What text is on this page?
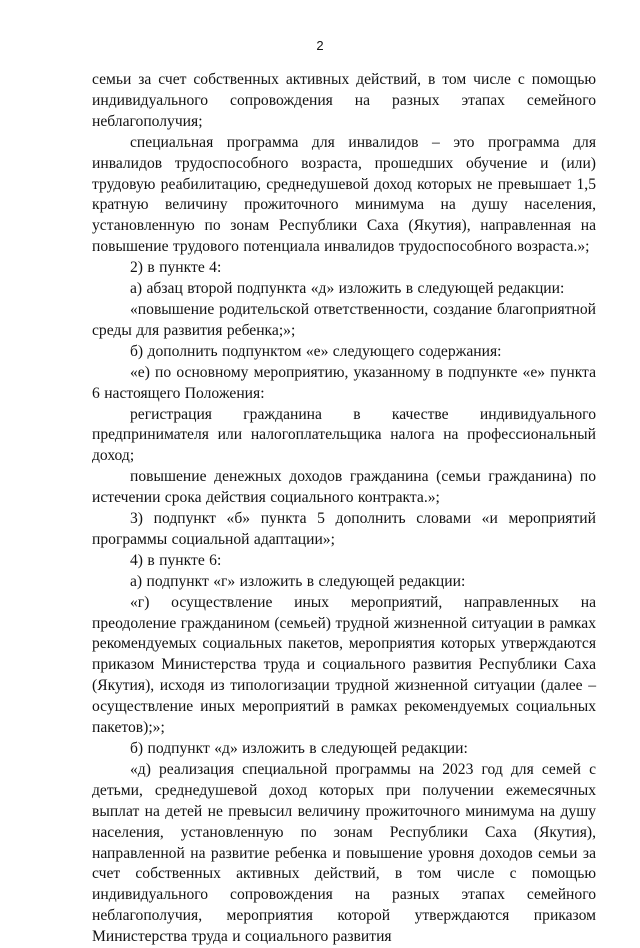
2

семьи за счет собственных активных действий, в том числе с помощью индивидуального сопровождения на разных этапах семейного неблагополучия;

специальная программа для инвалидов – это программа для инвалидов трудоспособного возраста, прошедших обучение и (или) трудовую реабилитацию, среднедушевой доход которых не превышает 1,5 кратную величину прожиточного минимума на душу населения, установленную по зонам Республики Саха (Якутия), направленная на повышение трудового потенциала инвалидов трудоспособного возраста.»;

2) в пункте 4:

а) абзац второй подпункта «д» изложить в следующей редакции:

«повышение родительской ответственности, создание благоприятной среды для развития ребенка;»;

б) дополнить подпунктом «е» следующего содержания:

«е) по основному мероприятию, указанному в подпункте «е» пункта 6 настоящего Положения:

регистрация гражданина в качестве индивидуального предпринимателя или налогоплательщика налога на профессиональный доход;

повышение денежных доходов гражданина (семьи гражданина) по истечении срока действия социального контракта.»;

3) подпункт «б» пункта 5 дополнить словами «и мероприятий программы социальной адаптации»;

4) в пункте 6:

а) подпункт «г» изложить в следующей редакции:

«г) осуществление иных мероприятий, направленных на преодоление гражданином (семьей) трудной жизненной ситуации в рамках рекомендуемых социальных пакетов, мероприятия которых утверждаются приказом Министерства труда и социального развития Республики Саха (Якутия), исходя из типологизации трудной жизненной ситуации (далее – осуществление иных мероприятий в рамках рекомендуемых социальных пакетов);»;

б) подпункт «д» изложить в следующей редакции:

«д) реализация специальной программы на 2023 год для семей с детьми, среднедушевой доход которых при получении ежемесячных выплат на детей не превысил величину прожиточного минимума на душу населения, установленную по зонам Республики Саха (Якутия), направленной на развитие ребенка и повышение уровня доходов семьи за счет собственных активных действий, в том числе с помощью индивидуального сопровождения на разных этапах семейного неблагополучия, мероприятия которой утверждаются приказом Министерства труда и социального развития
